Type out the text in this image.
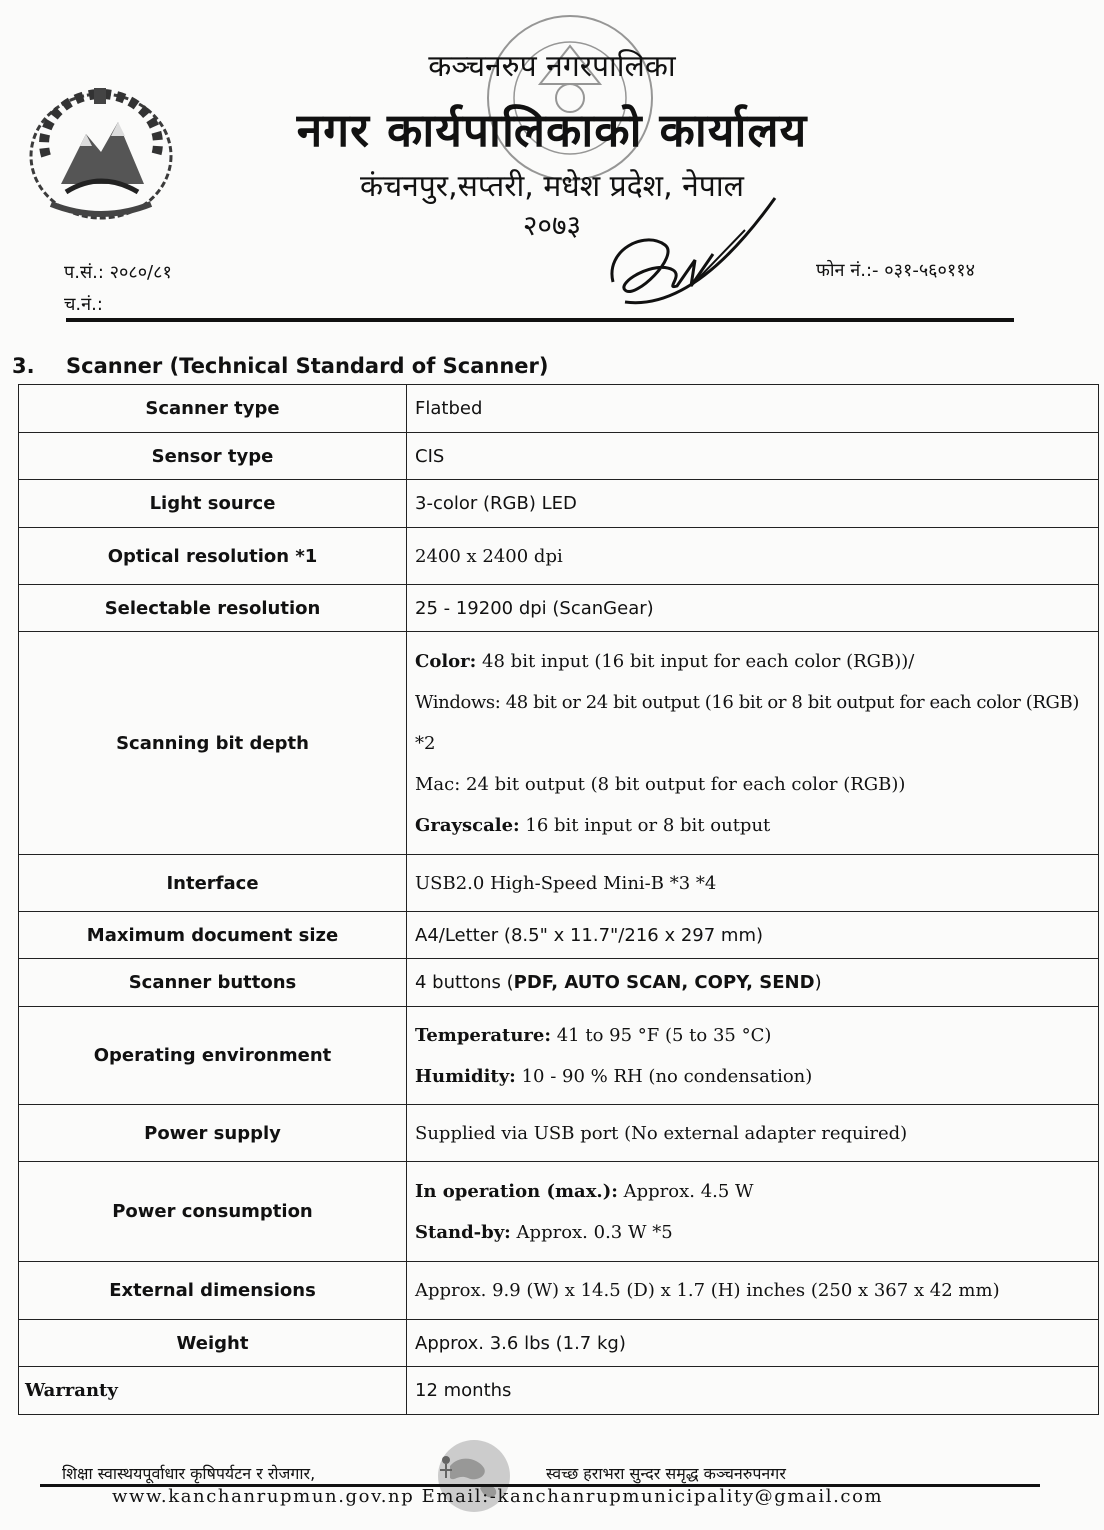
कञ्चनरुप नगरपालिका
नगर कार्यपालिकाको कार्यालय
कंचनपुर,सप्तरी, मधेश प्रदेश, नेपाल
२०७३
प.सं.: २०८०/८१
च.नं.:
फोन नं.:- ०३१-५६०११४
3. Scanner (Technical Standard of Scanner)
Scanner type	Flatbed
Sensor type	CIS
Light source	3-color (RGB) LED
Optical resolution *1	2400 x 2400 dpi
Selectable resolution	25 - 19200 dpi (ScanGear)
Scanning bit depth	Color: 48 bit input (16 bit input for each color (RGB))/
Windows: 48 bit or 24 bit output (16 bit or 8 bit output for each color (RGB)
*2
Mac: 24 bit output (8 bit output for each color (RGB))
Grayscale: 16 bit input or 8 bit output

Interface	USB2.0 High-Speed Mini-B *3 *4
Maximum document size	A4/Letter (8.5" x 11.7"/216 x 297 mm)
Scanner buttons	4 buttons (PDF, AUTO SCAN, COPY, SEND)
Operating environment	Temperature: 41 to 95 °F (5 to 35 °C)
Humidity: 10 - 90 % RH (no condensation)

Power supply	Supplied via USB port (No external adapter required)
Power consumption	In operation (max.): Approx. 4.5 W
Stand-by: Approx. 0.3 W *5

External dimensions	Approx. 9.9 (W) x 14.5 (D) x 1.7 (H) inches (250 x 367 x 42 mm)
Weight	Approx. 3.6 lbs (1.7 kg)
Warranty	12 months
शिक्षा स्वास्थयपूर्वाधार कृषिपर्यटन र रोजगार,	स्वच्छ हराभरा सुन्दर समृद्ध कञ्चनरुपनगर
www.kanchanrupmun.gov.np Email:-kanchanrupmunicipality@gmail.com
